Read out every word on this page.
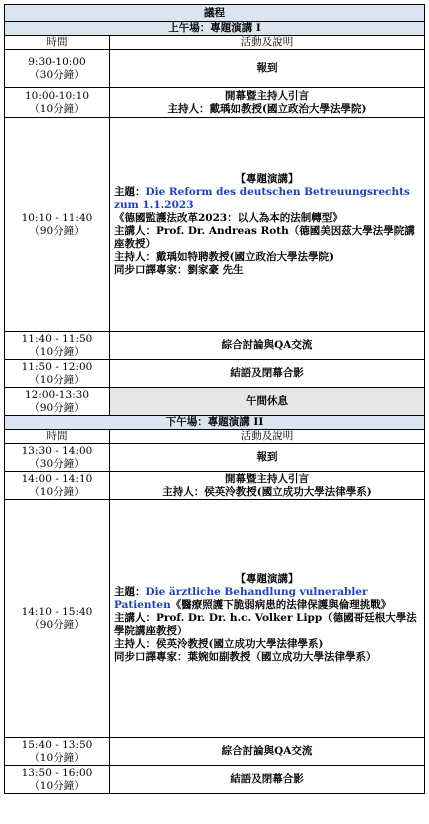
議程	
上午場：專題演講 I	
時間	活動及說明

9:30-10:00
（30分鐘）	報到

10:00-10:10
（10分鐘）	開幕暨主持人引言
主持人：戴瑀如教授(國立政治大學法學院)

10:10 - 11:40
（90分鐘）	【專題演講】
主題：Die Reform des deutschen Betreuungsrechts zum 1.1.2023《德國監護法改革2023：以人為本的法制轉型》
主講人：Prof. Dr. Andreas Roth（德國美因茲大學法學院講座教授）
主持人：戴瑀如特聘教授(國立政治大學法學院)
同步口譯專家：劉家豪 先生

11:40 - 11:50
（10分鐘）	綜合討論與QA交流

11:50 - 12:00
（10分鐘）	結語及閉幕合影

12:00-13:30
（90分鐘）	午間休息
下午場：專題演講 II	
時間	活動及說明

13:30 - 14:00
（30分鐘）	報到

14:00 - 14:10
（10分鐘）	開幕暨主持人引言
主持人：侯英泠教授(國立成功大學法律學系)

14:10 - 15:40
（90分鐘）	【專題演講】
主題：Die ärztliche Behandlung vulnerabler Patienten《醫療照護下脆弱病患的法律保護與倫理挑戰》
主講人：Prof. Dr. Dr. h.c. Volker Lipp（德國哥廷根大學法學院講座教授）
主持人：侯英泠教授(國立成功大學法律學系)
同步口譯專家：葉婉如副教授（國立成功大學法律學系）

15:40 - 13:50
（10分鐘）	綜合討論與QA交流

13:50 - 16:00
（10分鐘）	結語及閉幕合影
